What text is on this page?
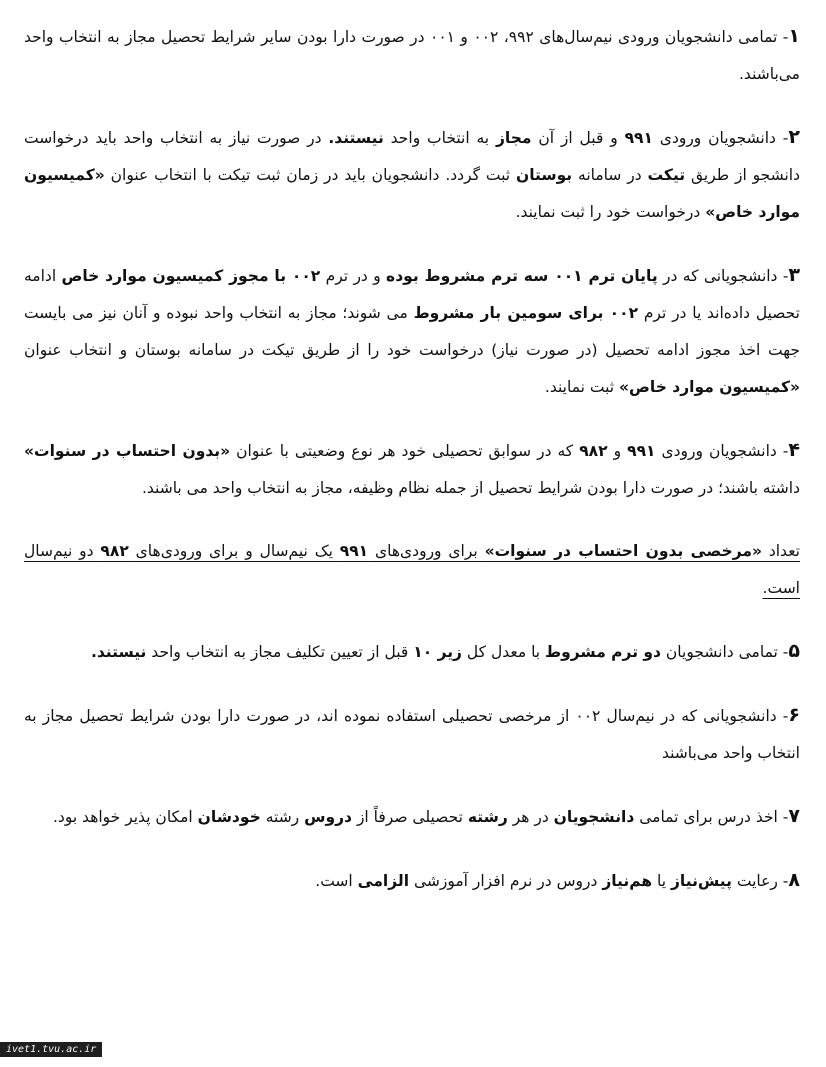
۱- تمامی دانشجویان ورودی نیم‌سال‌های ۹۹۲، ۰۰۲ و ۰۰۱ در صورت دارا بودن سایر شرایط تحصیل مجاز به انتخاب واحد می‌باشند.

۲- دانشجویان ورودی ۹۹۱ و قبل از آن مجاز به انتخاب واحد نیستند. در صورت نیاز به انتخاب واحد باید درخواست دانشجو از طریق تیکت در سامانه بوستان ثبت گردد. دانشجویان باید در زمان ثبت تیکت با انتخاب عنوان «کمیسیون موارد خاص» درخواست خود را ثبت نمایند.

۳- دانشجویانی که در پایان ترم ۰۰۱ سه ترم مشروط بوده و در ترم ۰۰۲ با مجوز کمیسیون موارد خاص ادامه تحصیل داده‌اند یا در ترم ۰۰۲ برای سومین بار مشروط می شوند؛ مجاز به انتخاب واحد نبوده و آنان نیز می بایست جهت اخذ مجوز ادامه تحصیل (در صورت نیاز) درخواست خود را از طریق تیکت در سامانه بوستان و انتخاب عنوان «کمیسیون موارد خاص» ثبت نمایند.

۴- دانشجویان ورودی ۹۹۱ و ۹۸۲ که در سوابق تحصیلی خود هر نوع وضعیتی با عنوان «بدون احتساب در سنوات» داشته باشند؛ در صورت دارا بودن شرایط تحصیل از جمله نظام وظیفه، مجاز به انتخاب واحد می باشند.

تعداد «مرخصی بدون احتساب در سنوات» برای ورودی‌های ۹۹۱ یک نیم‌سال و برای ورودی‌های ۹۸۲ دو نیم‌سال است.

۵- تمامی دانشجویان دو ترم مشروط با معدل کل زیر ۱۰ قبل از تعیین تکلیف مجاز به انتخاب واحد نیستند.

۶- دانشجویانی که در نیم‌سال ۰۰۲ از مرخصی تحصیلی استفاده نموده اند، در صورت دارا بودن شرایط تحصیل مجاز به انتخاب واحد می‌باشند

۷- اخذ درس برای تمامی دانشجویان در هر رشته تحصیلی صرفاً از دروس رشته خودشان امکان پذیر خواهد بود.

۸- رعایت پیش‌نیاز یا هم‌نیاز دروس در نرم افزار آموزشی الزامی است.

ivet1.tvu.ac.ir
